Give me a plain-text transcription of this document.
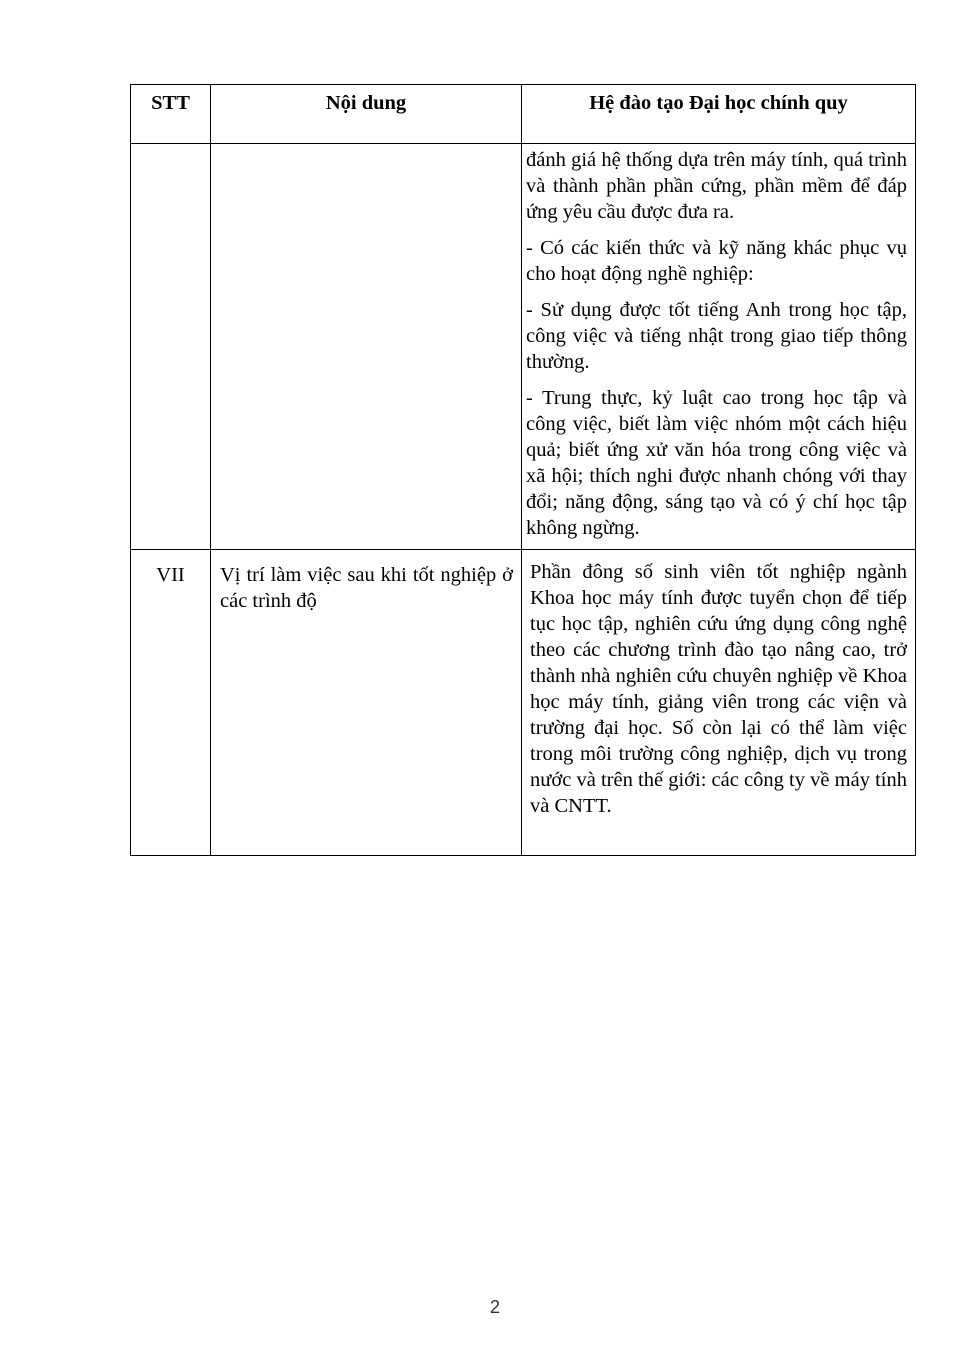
STT	Nội dung	Hệ đào tạo Đại học chính quy

		đánh giá hệ thống dựa trên máy tính, quá trình và thành phần phần cứng, phần mềm để đáp ứng yêu cầu được đưa ra.

- Có các kiến thức và kỹ năng khác phục vụ cho hoạt động nghề nghiệp:

- Sử dụng được tốt tiếng Anh trong học tập, công việc và tiếng nhật trong giao tiếp thông thường.

- Trung thực, kỷ luật cao trong học tập và công việc, biết làm việc nhóm một cách hiệu quả; biết ứng xử văn hóa trong công việc và xã hội; thích nghi được nhanh chóng với thay đổi; năng động, sáng tạo và có ý chí học tập không ngừng.

VII	Vị trí làm việc sau khi tốt nghiệp ở các trình độ	Phần đông số sinh viên tốt nghiệp ngành Khoa học máy tính được tuyển chọn để tiếp tục học tập, nghiên cứu ứng dụng công nghệ theo các chương trình đào tạo nâng cao, trở thành nhà nghiên cứu chuyên nghiệp về Khoa học máy tính, giảng viên trong các viện và trường đại học. Số còn lại có thể làm việc trong môi trường công nghiệp, dịch vụ trong nước và trên thế giới: các công ty về máy tính và CNTT.
2
